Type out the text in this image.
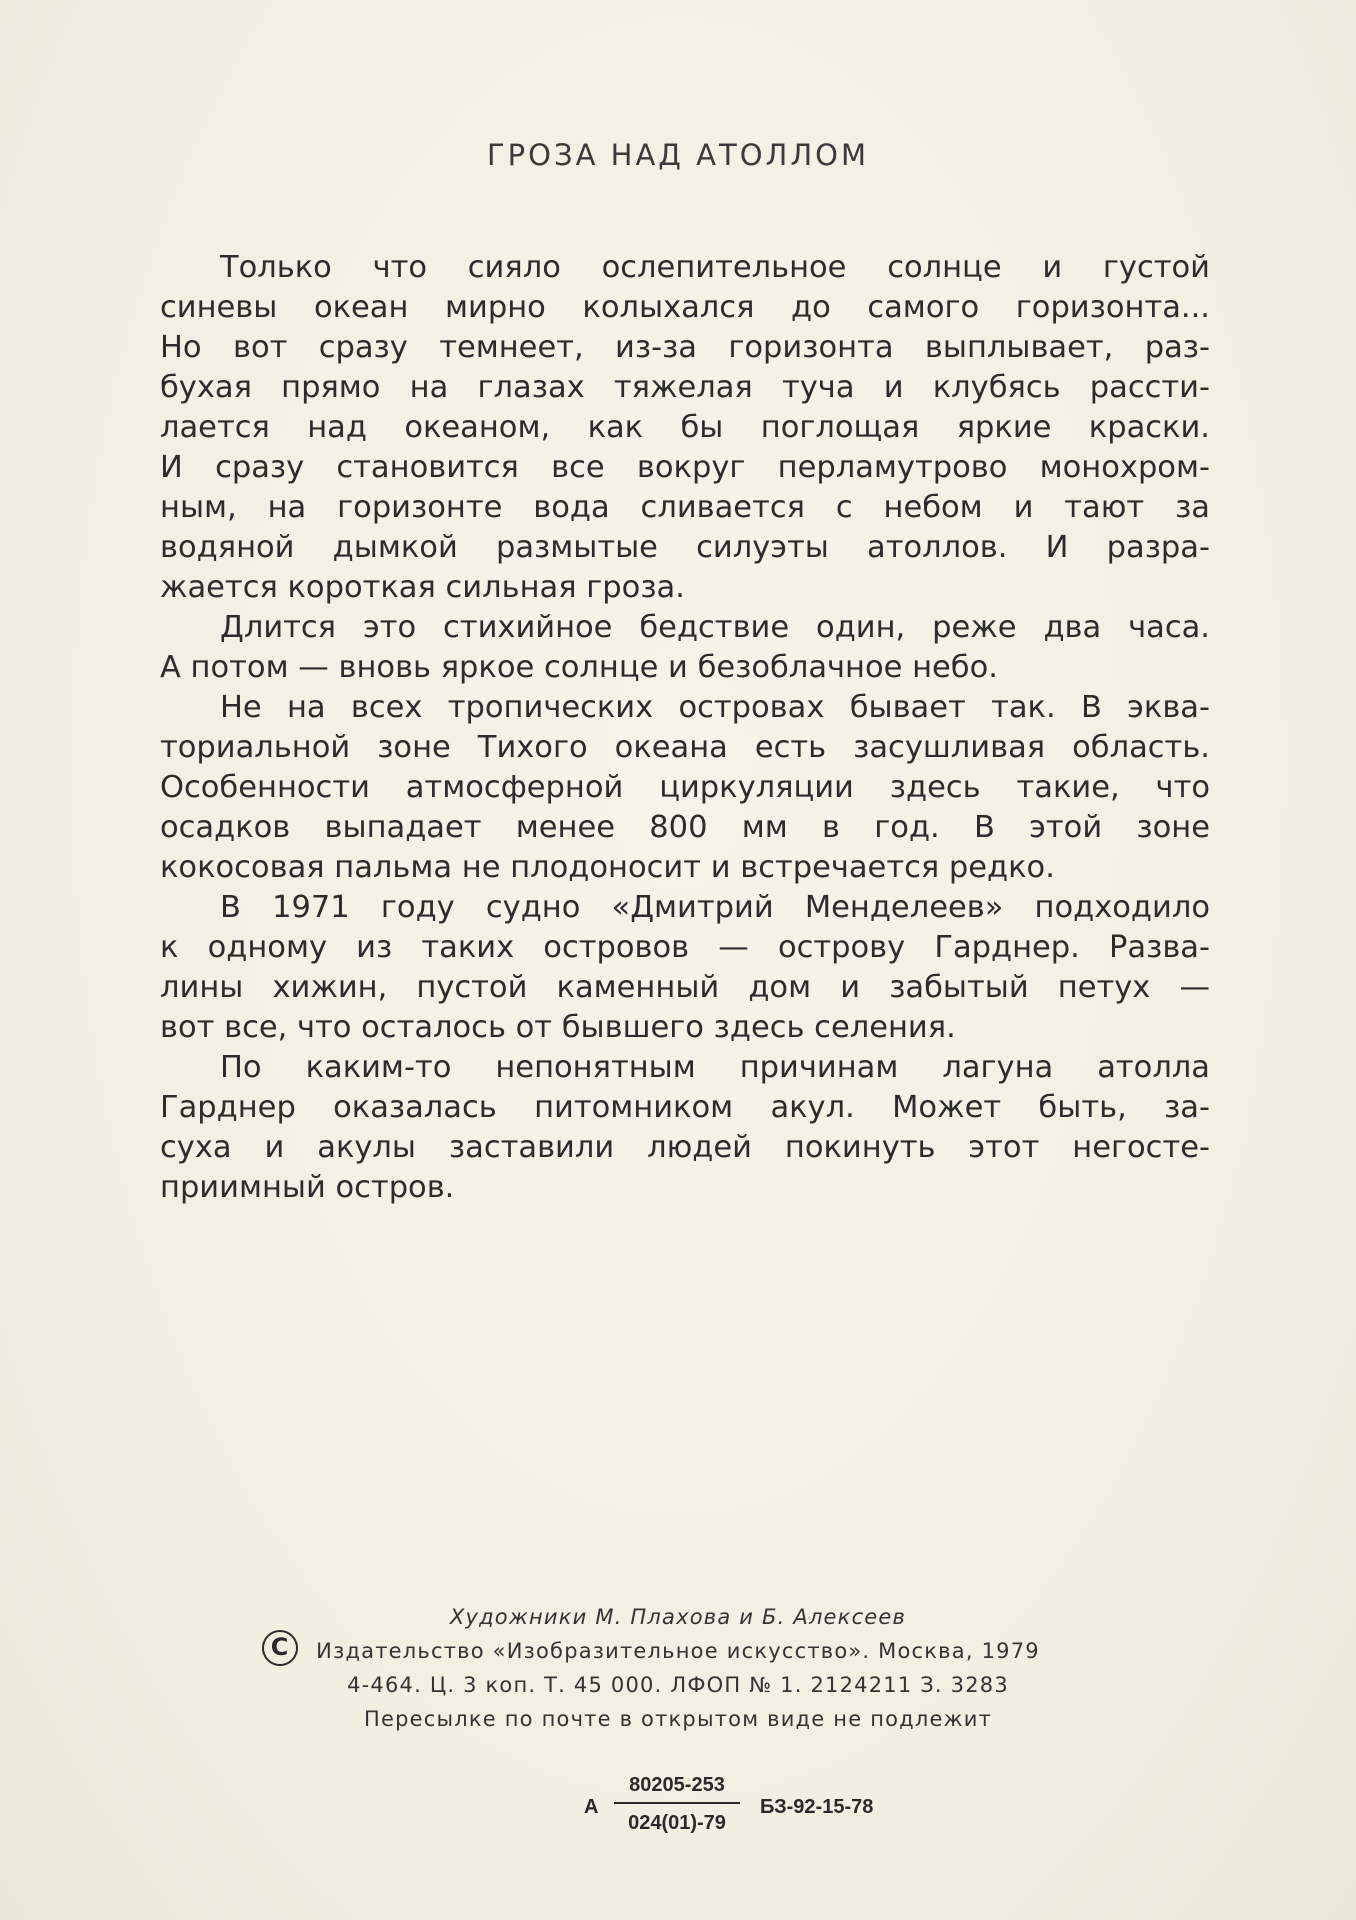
ГРОЗА НАД АТОЛЛОМ
Только что сияло ослепительное солнце и густой
синевы океан мирно колыхался до самого горизонта...
Но вот сразу темнеет, из-за горизонта выплывает, раз-
бухая прямо на глазах тяжелая туча и клубясь рассти-
лается над океаном, как бы поглощая яркие краски.
И сразу становится все вокруг перламутрово монохром-
ным, на горизонте вода сливается с небом и тают за
водяной дымкой размытые силуэты атоллов. И разра-
жается короткая сильная гроза.
Длится это стихийное бедствие один, реже два часа.
А потом — вновь яркое солнце и безоблачное небо.
Не на всех тропических островах бывает так. В эква-
ториальной зоне Тихого океана есть засушливая область.
Особенности атмосферной циркуляции здесь такие, что
осадков выпадает менее 800 мм в год. В этой зоне
кокосовая пальма не плодоносит и встречается редко.
В 1971 году судно «Дмитрий Менделеев» подходило
к одному из таких островов — острову Гарднер. Разва-
лины хижин, пустой каменный дом и забытый петух —
вот все, что осталось от бывшего здесь селения.
По каким-то непонятным причинам лагуна атолла
Гарднер оказалась питомником акул. Может быть, за-
суха и акулы заставили людей покинуть этот негосте-
приимный остров.
Художники М. Плахова и Б. Алексеев
C	Издательство «Изобразительное искусство». Москва, 1979
4-464. Ц. 3 коп. Т. 45 000. ЛФОП № 1. 2124211 З. 3283
Пересылке по почте в открытом виде не подлежит
А
80205-253
024(01)-79
БЗ-92-15-78
